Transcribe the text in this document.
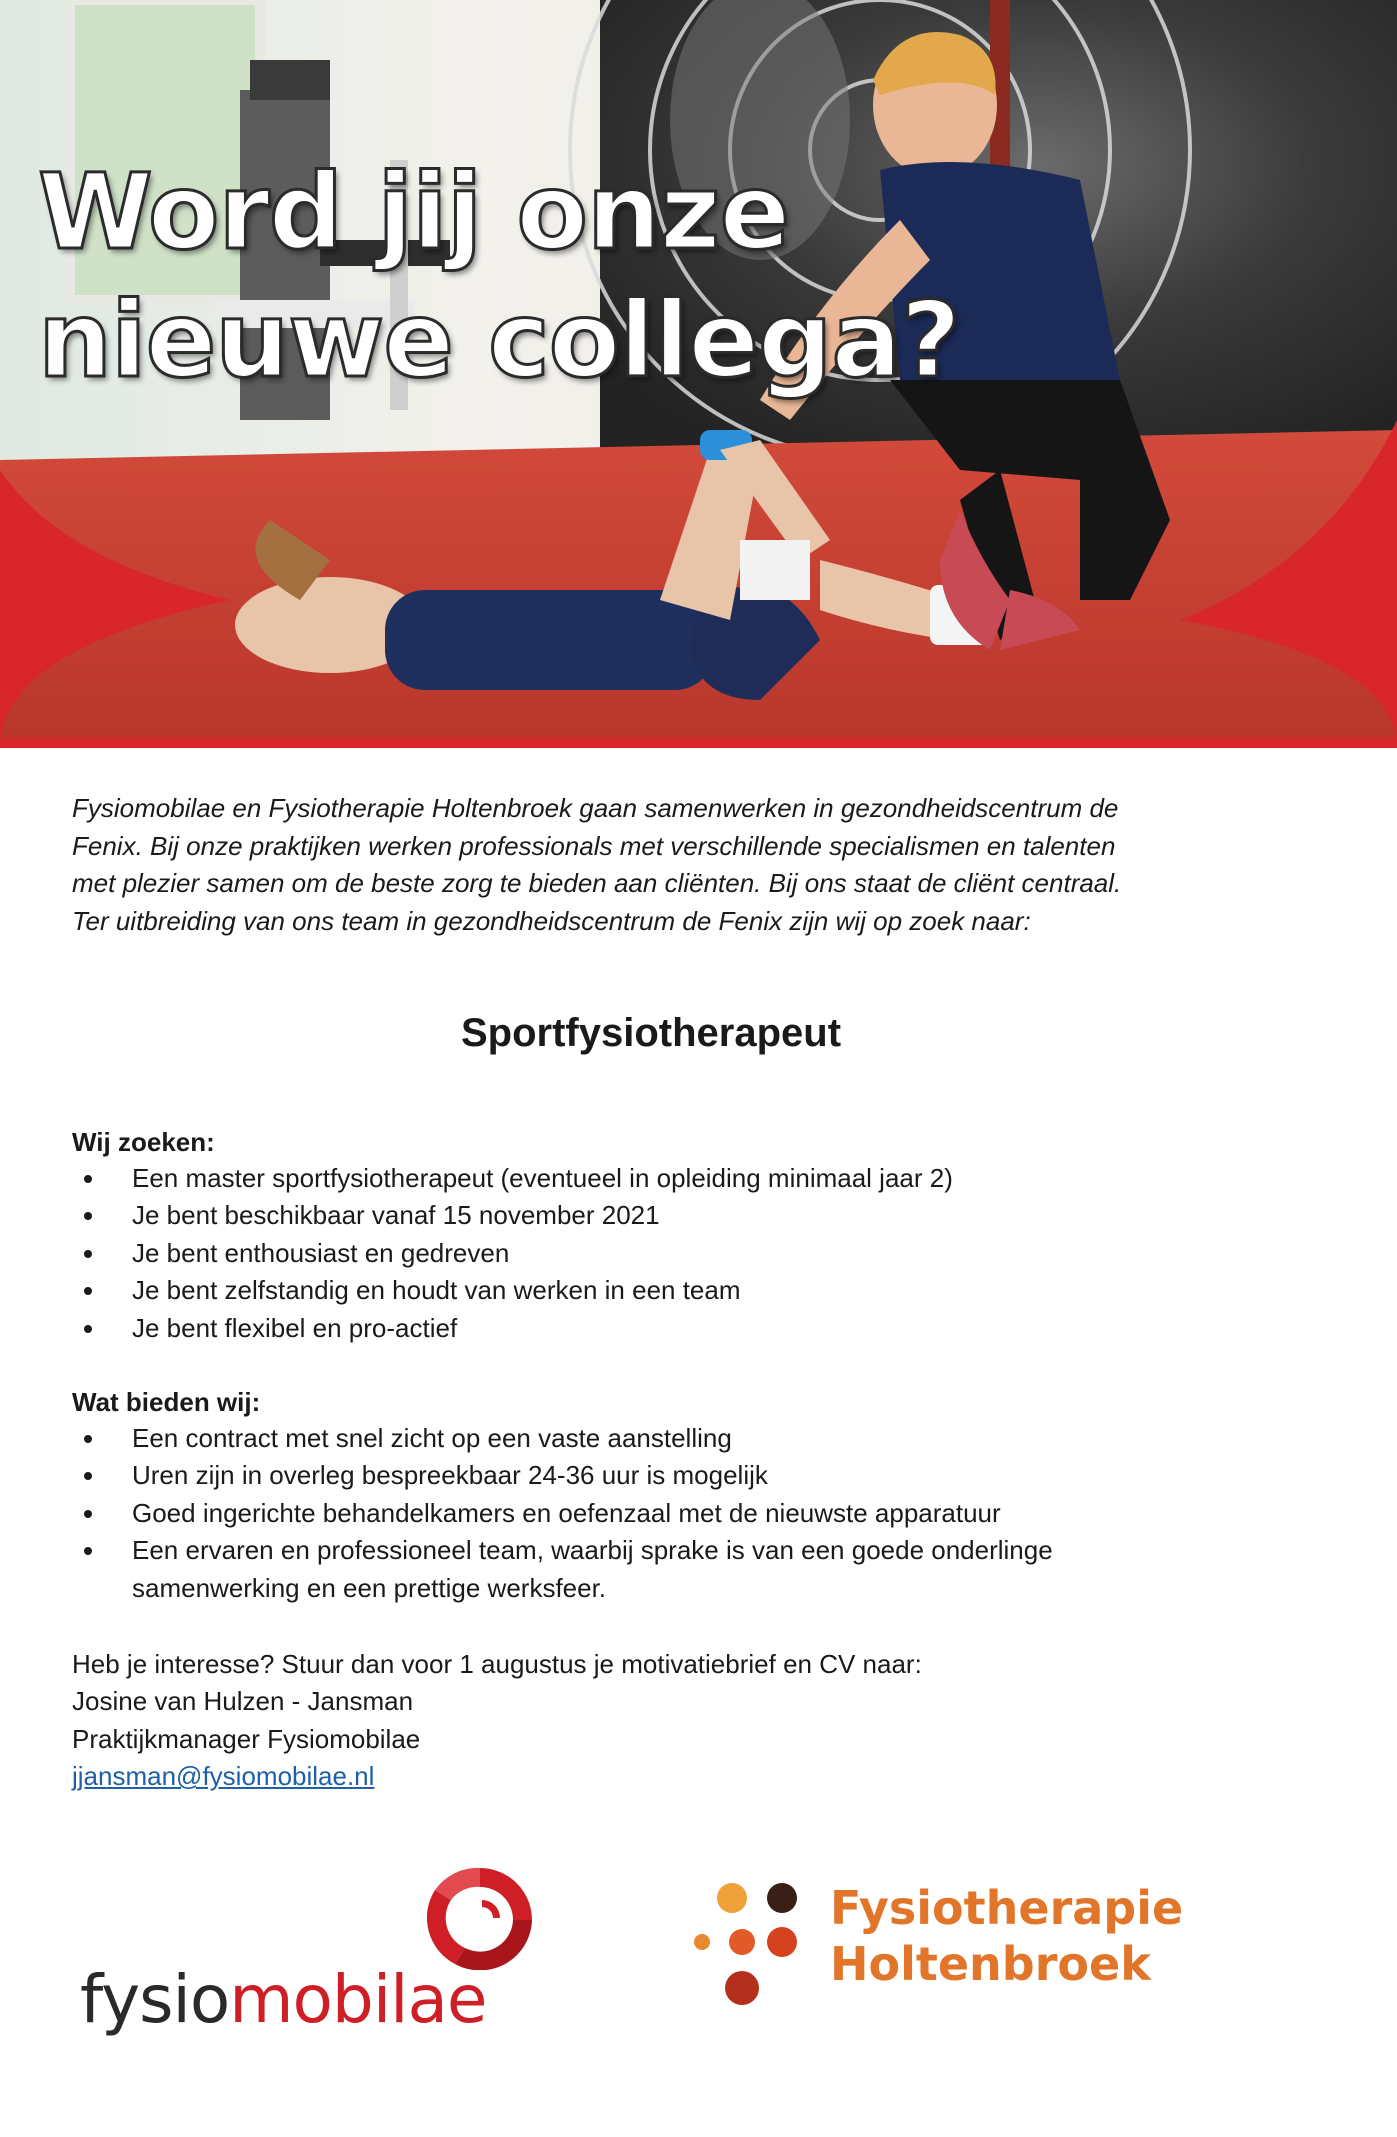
Word jij onze
nieuwe collega?
Fysiomobilae en Fysiotherapie Holtenbroek gaan samenwerken in gezondheidscentrum de
Fenix. Bij onze praktijken werken professionals met verschillende specialismen en talenten
met plezier samen om de beste zorg te bieden aan cliënten. Bij ons staat de cliënt centraal.
Ter uitbreiding van ons team in gezondheidscentrum de Fenix zijn wij op zoek naar:
Sportfysiotherapeut
Wij zoeken:
Een master sportfysiotherapeut (eventueel in opleiding minimaal jaar 2)
Je bent beschikbaar vanaf 15 november 2021
Je bent enthousiast en gedreven
Je bent zelfstandig en houdt van werken in een team
Je bent flexibel en pro-actief
Wat bieden wij:
Een contract met snel zicht op een vaste aanstelling
Uren zijn in overleg bespreekbaar 24-36 uur is mogelijk
Goed ingerichte behandelkamers en oefenzaal met de nieuwste apparatuur
Een ervaren en professioneel team, waarbij sprake is van een goede onderlinge samenwerking en een prettige werksfeer.
Heb je interesse? Stuur dan voor 1 augustus je motivatiebrief en CV naar:
Josine van Hulzen - Jansman
Praktijkmanager Fysiomobilae
jjansman@fysiomobilae.nl
fysiomobilae
Fysiotherapie
Holtenbroek
